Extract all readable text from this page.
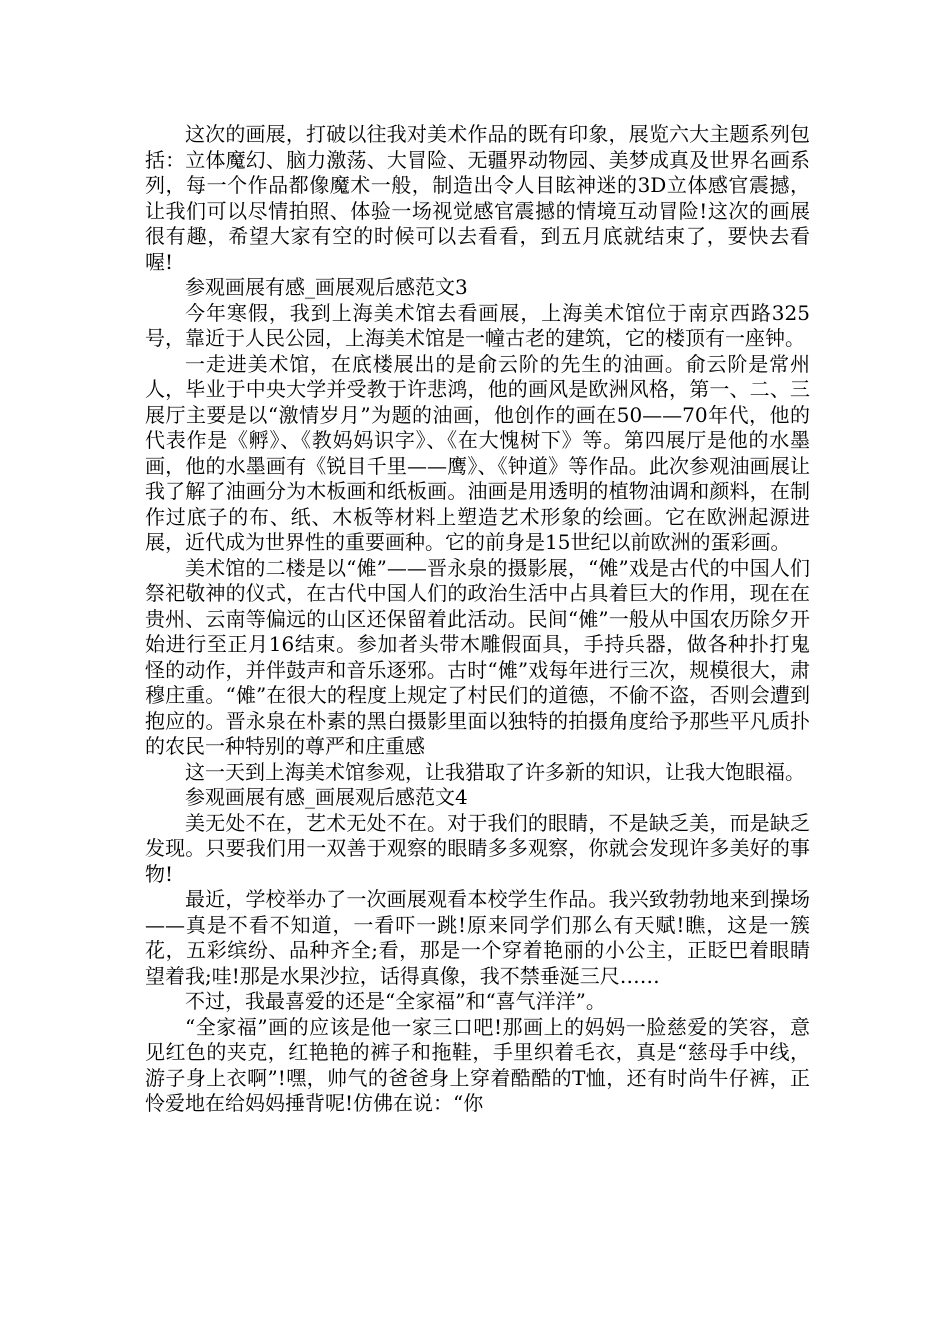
这次的画展，打破以往我对美术作品的既有印象，展览六大主题系列包括：立体魔幻、脑力激荡、大冒险、无疆界动物园、美梦成真及世界名画系列，每一个作品都像魔术一般，制造出令人目眩神迷的3D立体感官震撼，让我们可以尽情拍照、体验一场视觉感官震撼的情境互动冒险!这次的画展很有趣，希望大家有空的时候可以去看看，到五月底就结束了，要快去看喔!

参观画展有感_画展观后感范文3

今年寒假，我到上海美术馆去看画展，上海美术馆位于南京西路325号，靠近于人民公园，上海美术馆是一幢古老的建筑，它的楼顶有一座钟。

一走进美术馆，在底楼展出的是俞云阶的先生的油画。俞云阶是常州人，毕业于中央大学并受教于许悲鸿，他的画风是欧洲风格，第一、二、三展厅主要是以“激情岁月”为题的油画，他创作的画在50——70年代，他的代表作是《孵》、《教妈妈识字》、《在大愧树下》等。第四展厅是他的水墨画，他的水墨画有《锐目千里——鹰》、《钟道》等作品。此次参观油画展让我了解了油画分为木板画和纸板画。油画是用透明的植物油调和颜料，在制作过底子的布、纸、木板等材料上塑造艺术形象的绘画。它在欧洲起源进展，近代成为世界性的重要画种。它的前身是15世纪以前欧洲的蛋彩画。

美术馆的二楼是以“傩”——晋永泉的摄影展，“傩”戏是古代的中国人们祭祀敬神的仪式，在古代中国人们的政治生活中占具着巨大的作用，现在在贵州、云南等偏远的山区还保留着此活动。民间“傩”一般从中国农历除夕开始进行至正月16结束。参加者头带木雕假面具，手持兵器，做各种扑打鬼怪的动作，并伴鼓声和音乐逐邪。古时“傩”戏每年进行三次，规模很大，肃穆庄重。“傩”在很大的程度上规定了村民们的道德，不偷不盗，否则会遭到抱应的。晋永泉在朴素的黑白摄影里面以独特的拍摄角度给予那些平凡质扑的农民一种特别的尊严和庄重感

这一天到上海美术馆参观，让我猎取了许多新的知识，让我大饱眼福。

参观画展有感_画展观后感范文4

美无处不在，艺术无处不在。对于我们的眼睛，不是缺乏美，而是缺乏发现。只要我们用一双善于观察的眼睛多多观察，你就会发现许多美好的事物!

最近，学校举办了一次画展观看本校学生作品。我兴致勃勃地来到操场——真是不看不知道，一看吓一跳!原来同学们那么有天赋!瞧，这是一簇花，五彩缤纷、品种齐全;看，那是一个穿着艳丽的小公主，正眨巴着眼睛望着我;哇!那是水果沙拉，话得真像，我不禁垂涎三尺……

不过，我最喜爱的还是“全家福”和“喜气洋洋”。

“全家福”画的应该是他一家三口吧!那画上的妈妈一脸慈爱的笑容，意见红色的夹克，红艳艳的裤子和拖鞋，手里织着毛衣，真是“慈母手中线，游子身上衣啊”!嘿，帅气的爸爸身上穿着酷酷的T恤，还有时尚牛仔裤，正怜爱地在给妈妈捶背呢!仿佛在说：“你
